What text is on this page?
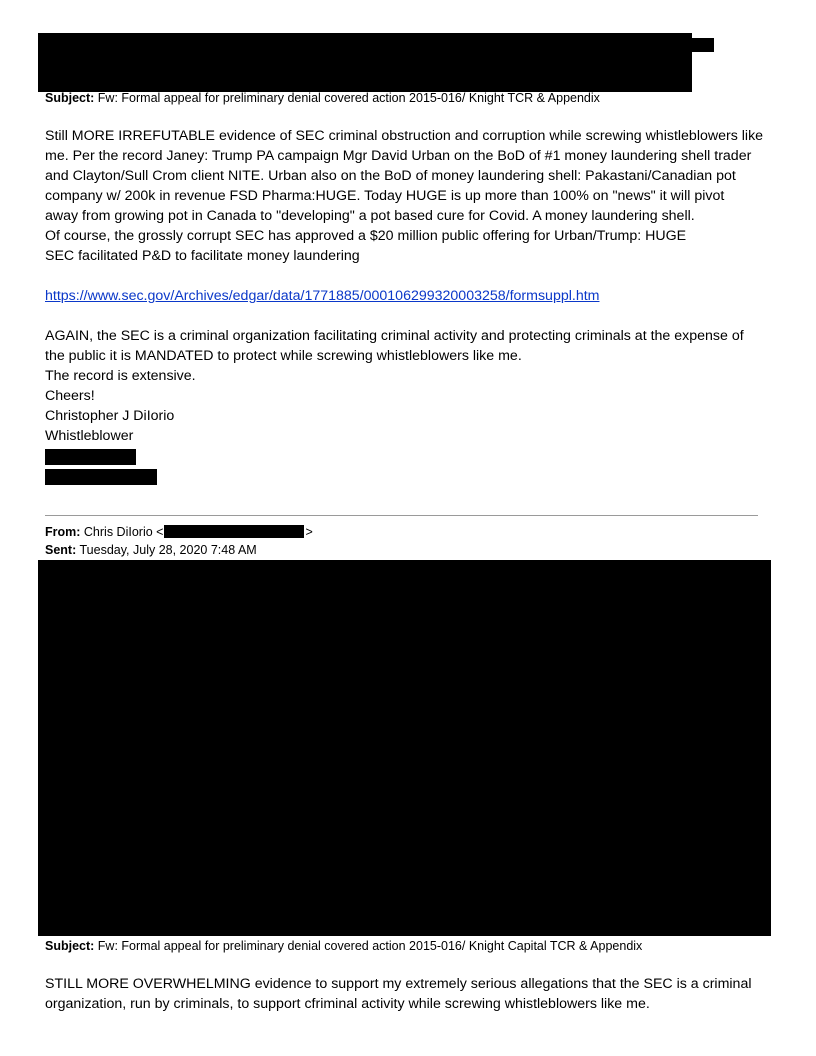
Subject: Fw: Formal appeal for preliminary denial covered action 2015-016/ Knight TCR & Appendix
Still MORE IRREFUTABLE evidence of SEC criminal obstruction and corruption while screwing whistleblowers like
me. Per the record Janey: Trump PA campaign Mgr David Urban on the BoD of #1 money laundering shell trader
and Clayton/Sull Crom client NITE. Urban also on the BoD of money laundering shell: Pakastani/Canadian pot
company w/ 200k in revenue FSD Pharma:HUGE. Today HUGE is up more than 100% on "news" it will pivot
away from growing pot in Canada to "developing" a pot based cure for Covid. A money laundering shell.
Of course, the grossly corrupt SEC has approved a $20 million public offering for Urban/Trump: HUGE
SEC facilitated P&D to facilitate money laundering
https://www.sec.gov/Archives/edgar/data/1771885/000106299320003258/formsuppl.htm
AGAIN, the SEC is a criminal organization facilitating criminal activity and protecting criminals at the expense of
the public it is MANDATED to protect while screwing whistleblowers like me.
The record is extensive.
Cheers!
Christopher J DiIorio
Whistleblower
From: Chris DiIorio <	>
Sent: Tuesday, July 28, 2020 7:48 AM
Subject: Fw: Formal appeal for preliminary denial covered action 2015-016/ Knight Capital TCR & Appendix
STILL MORE OVERWHELMING evidence to support my extremely serious allegations that the SEC is a criminal
organization, run by criminals, to support cfriminal activity while screwing whistleblowers like me.
